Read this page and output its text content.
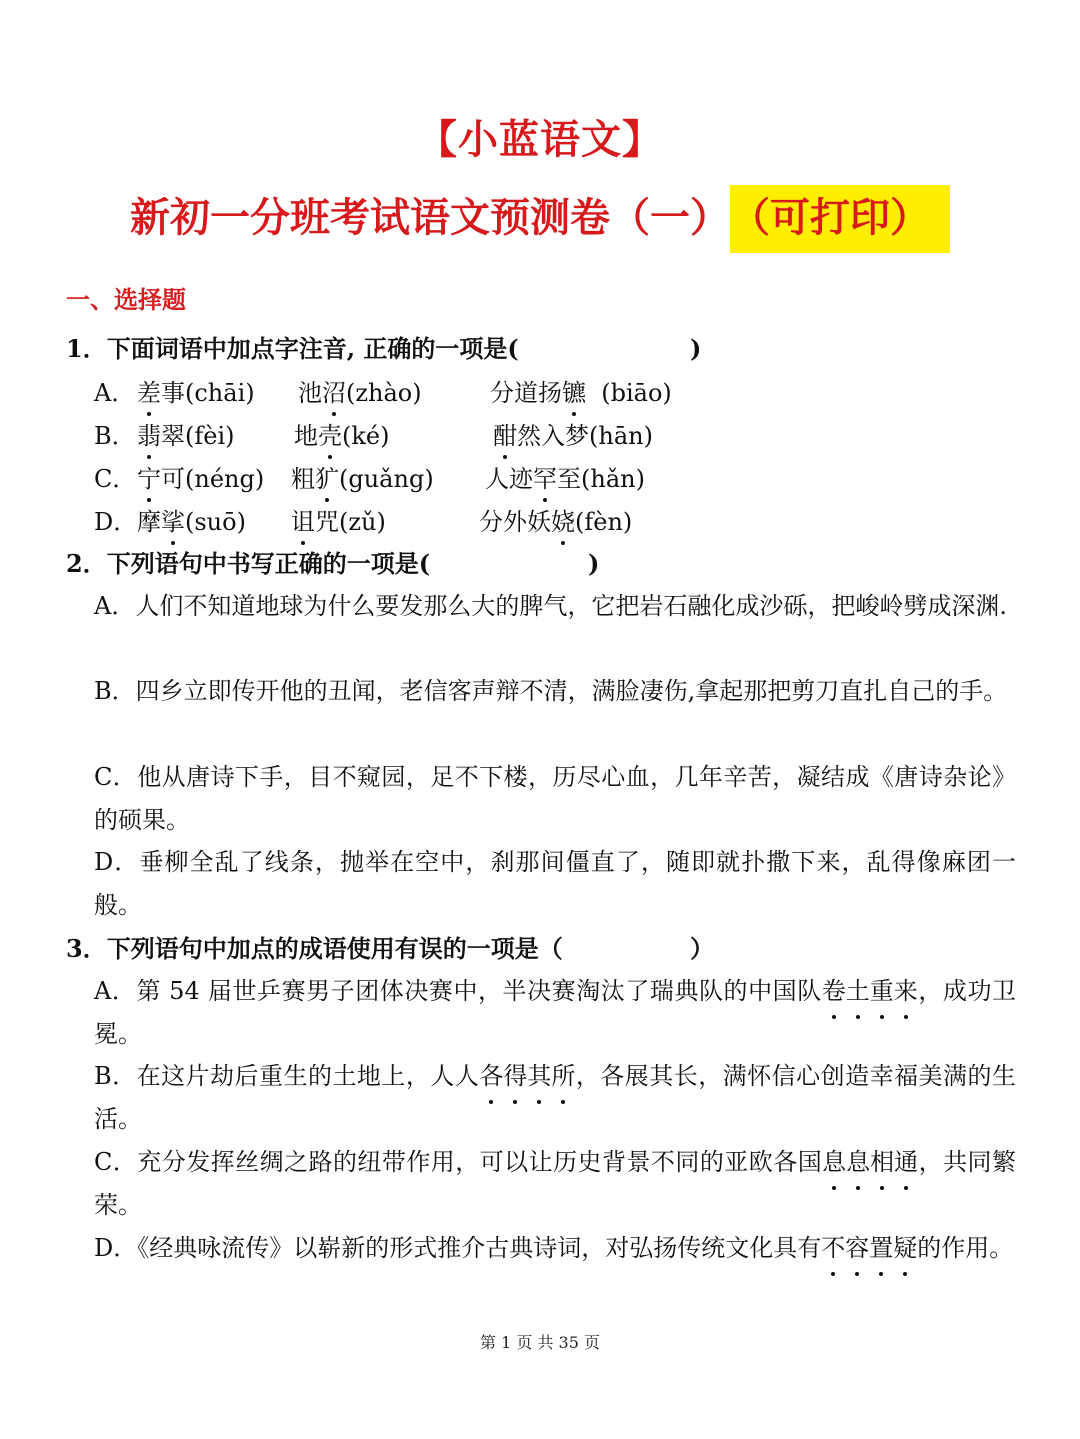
【小蓝语文】
新初一分班考试语文预测卷（一） （可打印）
一、选择题
1．下面词语中加点字注音, 正确的一项是(	)
A． 差事(chāi) 池沼(zhào)	分道扬镳  (biāo)
B． 翡翠(fèi) 地壳(ké)	酣然入梦(hān)
C． 宁可(néng) 粗犷(guǎng) 人迹罕至(hǎn)
D． 摩挲(suō) 诅咒(zǔ)	分外妖娆(fèn)
2．下列语句中书写正确的一项是(	)
A．人们不知道地球为什么要发那么大的脾气，它把岩石融化成沙砾，把峻岭劈成深渊.
B．四乡立即传开他的丑闻，老信客声辩不清，满脸凄伤,拿起那把剪刀直扎自己的手。
C．他从唐诗下手，目不窥园，足不下楼，历尽心血，几年辛苦，凝结成《唐诗杂论》的硕果。
D．垂柳全乱了线条，抛举在空中，刹那间僵直了，随即就扑撒下来，乱得像麻团一般。
3．下列语句中加点的成语使用有误的一项是（	）
A．第 54 届世乒赛男子团体决赛中，半决赛淘汰了瑞典队的中国队卷土重来，成功卫冕。
B．在这片劫后重生的土地上，人人各得其所，各展其长，满怀信心创造幸福美满的生活。
C．充分发挥丝绸之路的纽带作用，可以让历史背景不同的亚欧各国息息相通，共同繁荣。
D．《经典咏流传》以崭新的形式推介古典诗词，对弘扬传统文化具有不容置疑的作用。
第 1 页 共 35 页
